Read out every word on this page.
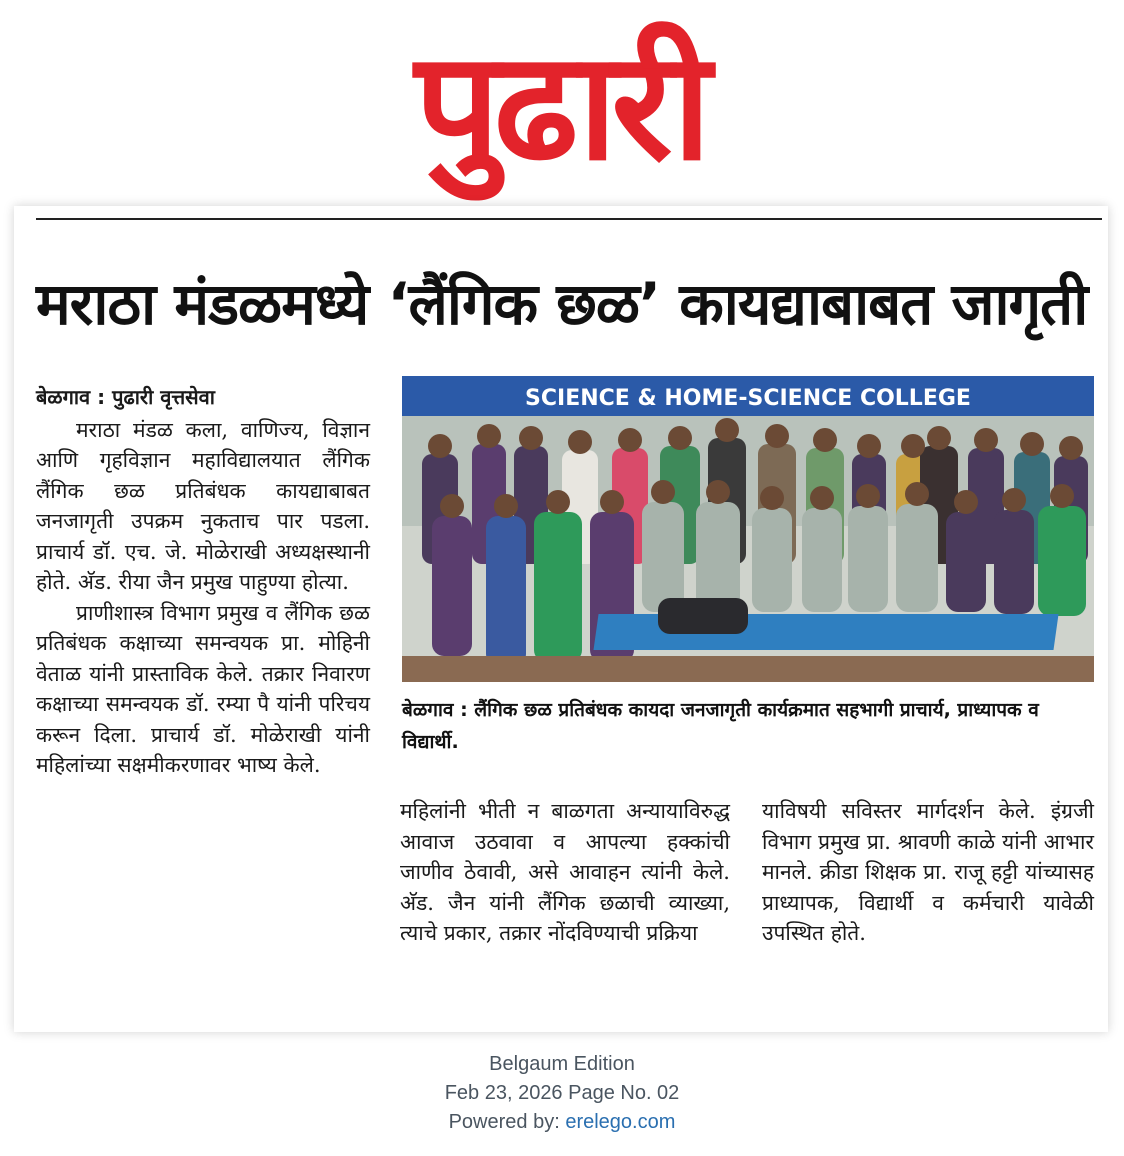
पुढारी
मराठा मंडळमध्ये ‘लैंगिक छळ’ कायद्याबाबत जागृती
बेळगाव : पुढारी वृत्तसेवा

मराठा मंडळ कला, वाणिज्य, विज्ञान आणि गृहविज्ञान महाविद्यालयात लैंगिक लैंगिक छळ प्रतिबंधक कायद्याबाबत जनजागृती उपक्रम नुकताच पार पडला. प्राचार्य डॉ. एच. जे. मोळेराखी अध्यक्षस्थानी होते. अ‍ॅड. रीया जैन प्रमुख पाहुण्या होत्या.

प्राणीशास्त्र विभाग प्रमुख व लैंगिक छळ प्रतिबंधक कक्षाच्या समन्वयक प्रा. मोहिनी वेताळ यांनी प्रास्ताविक केले. तक्रार निवारण कक्षाच्या समन्वयक डॉ. रम्या पै यांनी परिचय करून दिला. प्राचार्य डॉ. मोळेराखी यांनी महिलांच्या सक्षमीकरणावर भाष्य केले.

SCIENCE & HOME-SCIENCE COLLEGE
बेळगाव : लैंगिक छळ प्रतिबंधक कायदा जनजागृती कार्यक्रमात सहभागी प्राचार्य, प्राध्यापक व विद्यार्थी.

महिलांनी भीती न बाळगता अन्यायाविरुद्ध आवाज उठवावा व आपल्या हक्कांची जाणीव ठेवावी, असे आवाहन त्यांनी केले. अ‍ॅड. जैन यांनी लैंगिक छळाची व्याख्या, त्याचे प्रकार, तक्रार नोंदविण्याची प्रक्रिया

याविषयी सविस्तर मार्गदर्शन केले. इंग्रजी विभाग प्रमुख प्रा. श्रावणी काळे यांनी आभार मानले. क्रीडा शिक्षक प्रा. राजू हट्टी यांच्यासह प्राध्यापक, विद्यार्थी व कर्मचारी यावेळी उपस्थित होते.

Belgaum Edition
Feb 23, 2026 Page No. 02
Powered by: erelego.com
